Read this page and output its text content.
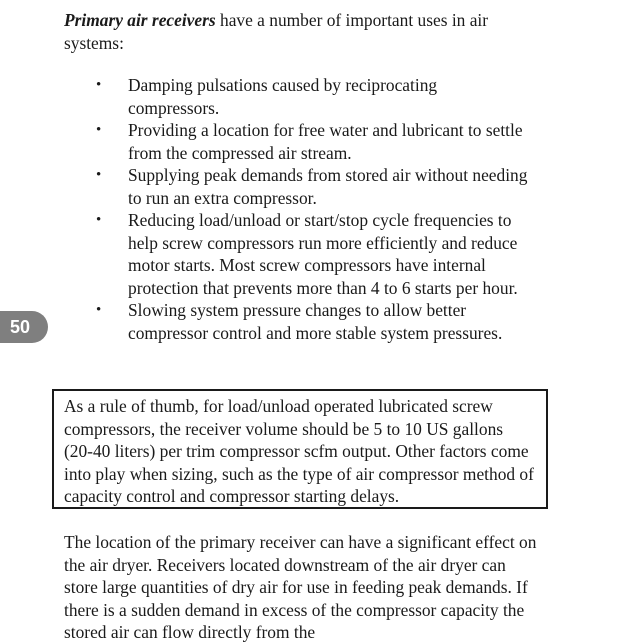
Primary air receivers have a number of important uses in air systems:

• Damping pulsations caused by reciprocating compressors.
• Providing a location for free water and lubricant to settle from the compressed air stream.
• Supplying peak demands from stored air without needing to run an extra compressor.
• Reducing load/unload or start/stop cycle frequencies to help screw compressors run more efficiently and reduce motor starts. Most screw compressors have internal protection that prevents more than 4 to 6 starts per hour.
• Slowing system pressure changes to allow better compressor control and more stable system pressures.
50

As a rule of thumb, for load/unload operated lubricated screw compressors, the receiver volume should be 5 to 10 US gallons (20-40 liters) per trim compressor scfm output. Other factors come into play when sizing, such as the type of air compressor method of capacity control and compressor starting delays.

The location of the primary receiver can have a significant effect on the air dryer. Receivers located downstream of the air dryer can store large quantities of dry air for use in feeding peak demands. If there is a sudden demand in excess of the compressor capacity the stored air can flow directly from the
